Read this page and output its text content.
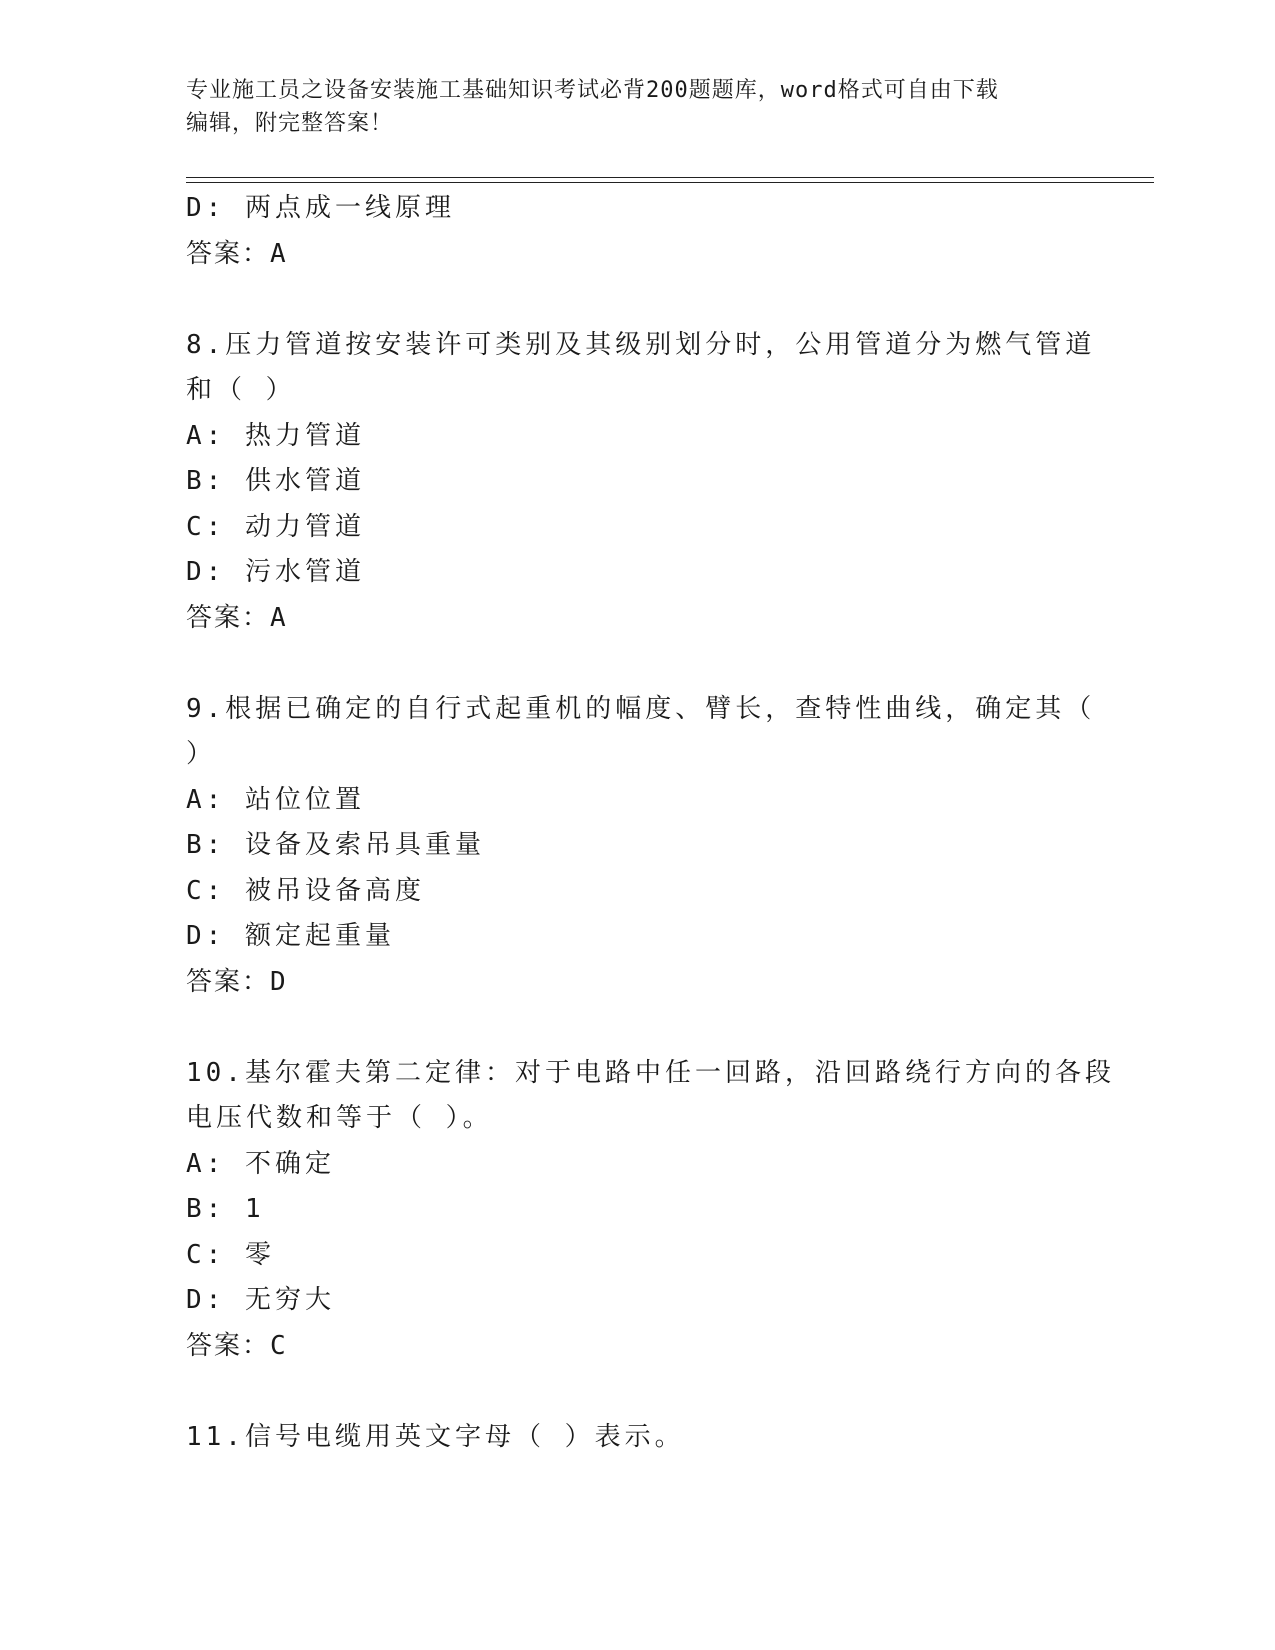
专业施工员之设备安装施工基础知识考试必背200题题库，word格式可自由下载
编辑，附完整答案！
D: 两点成一线原理
答案：A
8.压力管道按安装许可类别及其级别划分时，公用管道分为燃气管道
和（ ）
A: 热力管道
B: 供水管道
C: 动力管道
D: 污水管道
答案：A
9.根据已确定的自行式起重机的幅度、臂长，查特性曲线，确定其（
）
A: 站位位置
B: 设备及索吊具重量
C: 被吊设备高度
D: 额定起重量
答案：D
10.基尔霍夫第二定律：对于电路中任一回路，沿回路绕行方向的各段
电压代数和等于（ ）。
A: 不确定
B: 1
C: 零
D: 无穷大
答案：C
11.信号电缆用英文字母（ ）表示。
